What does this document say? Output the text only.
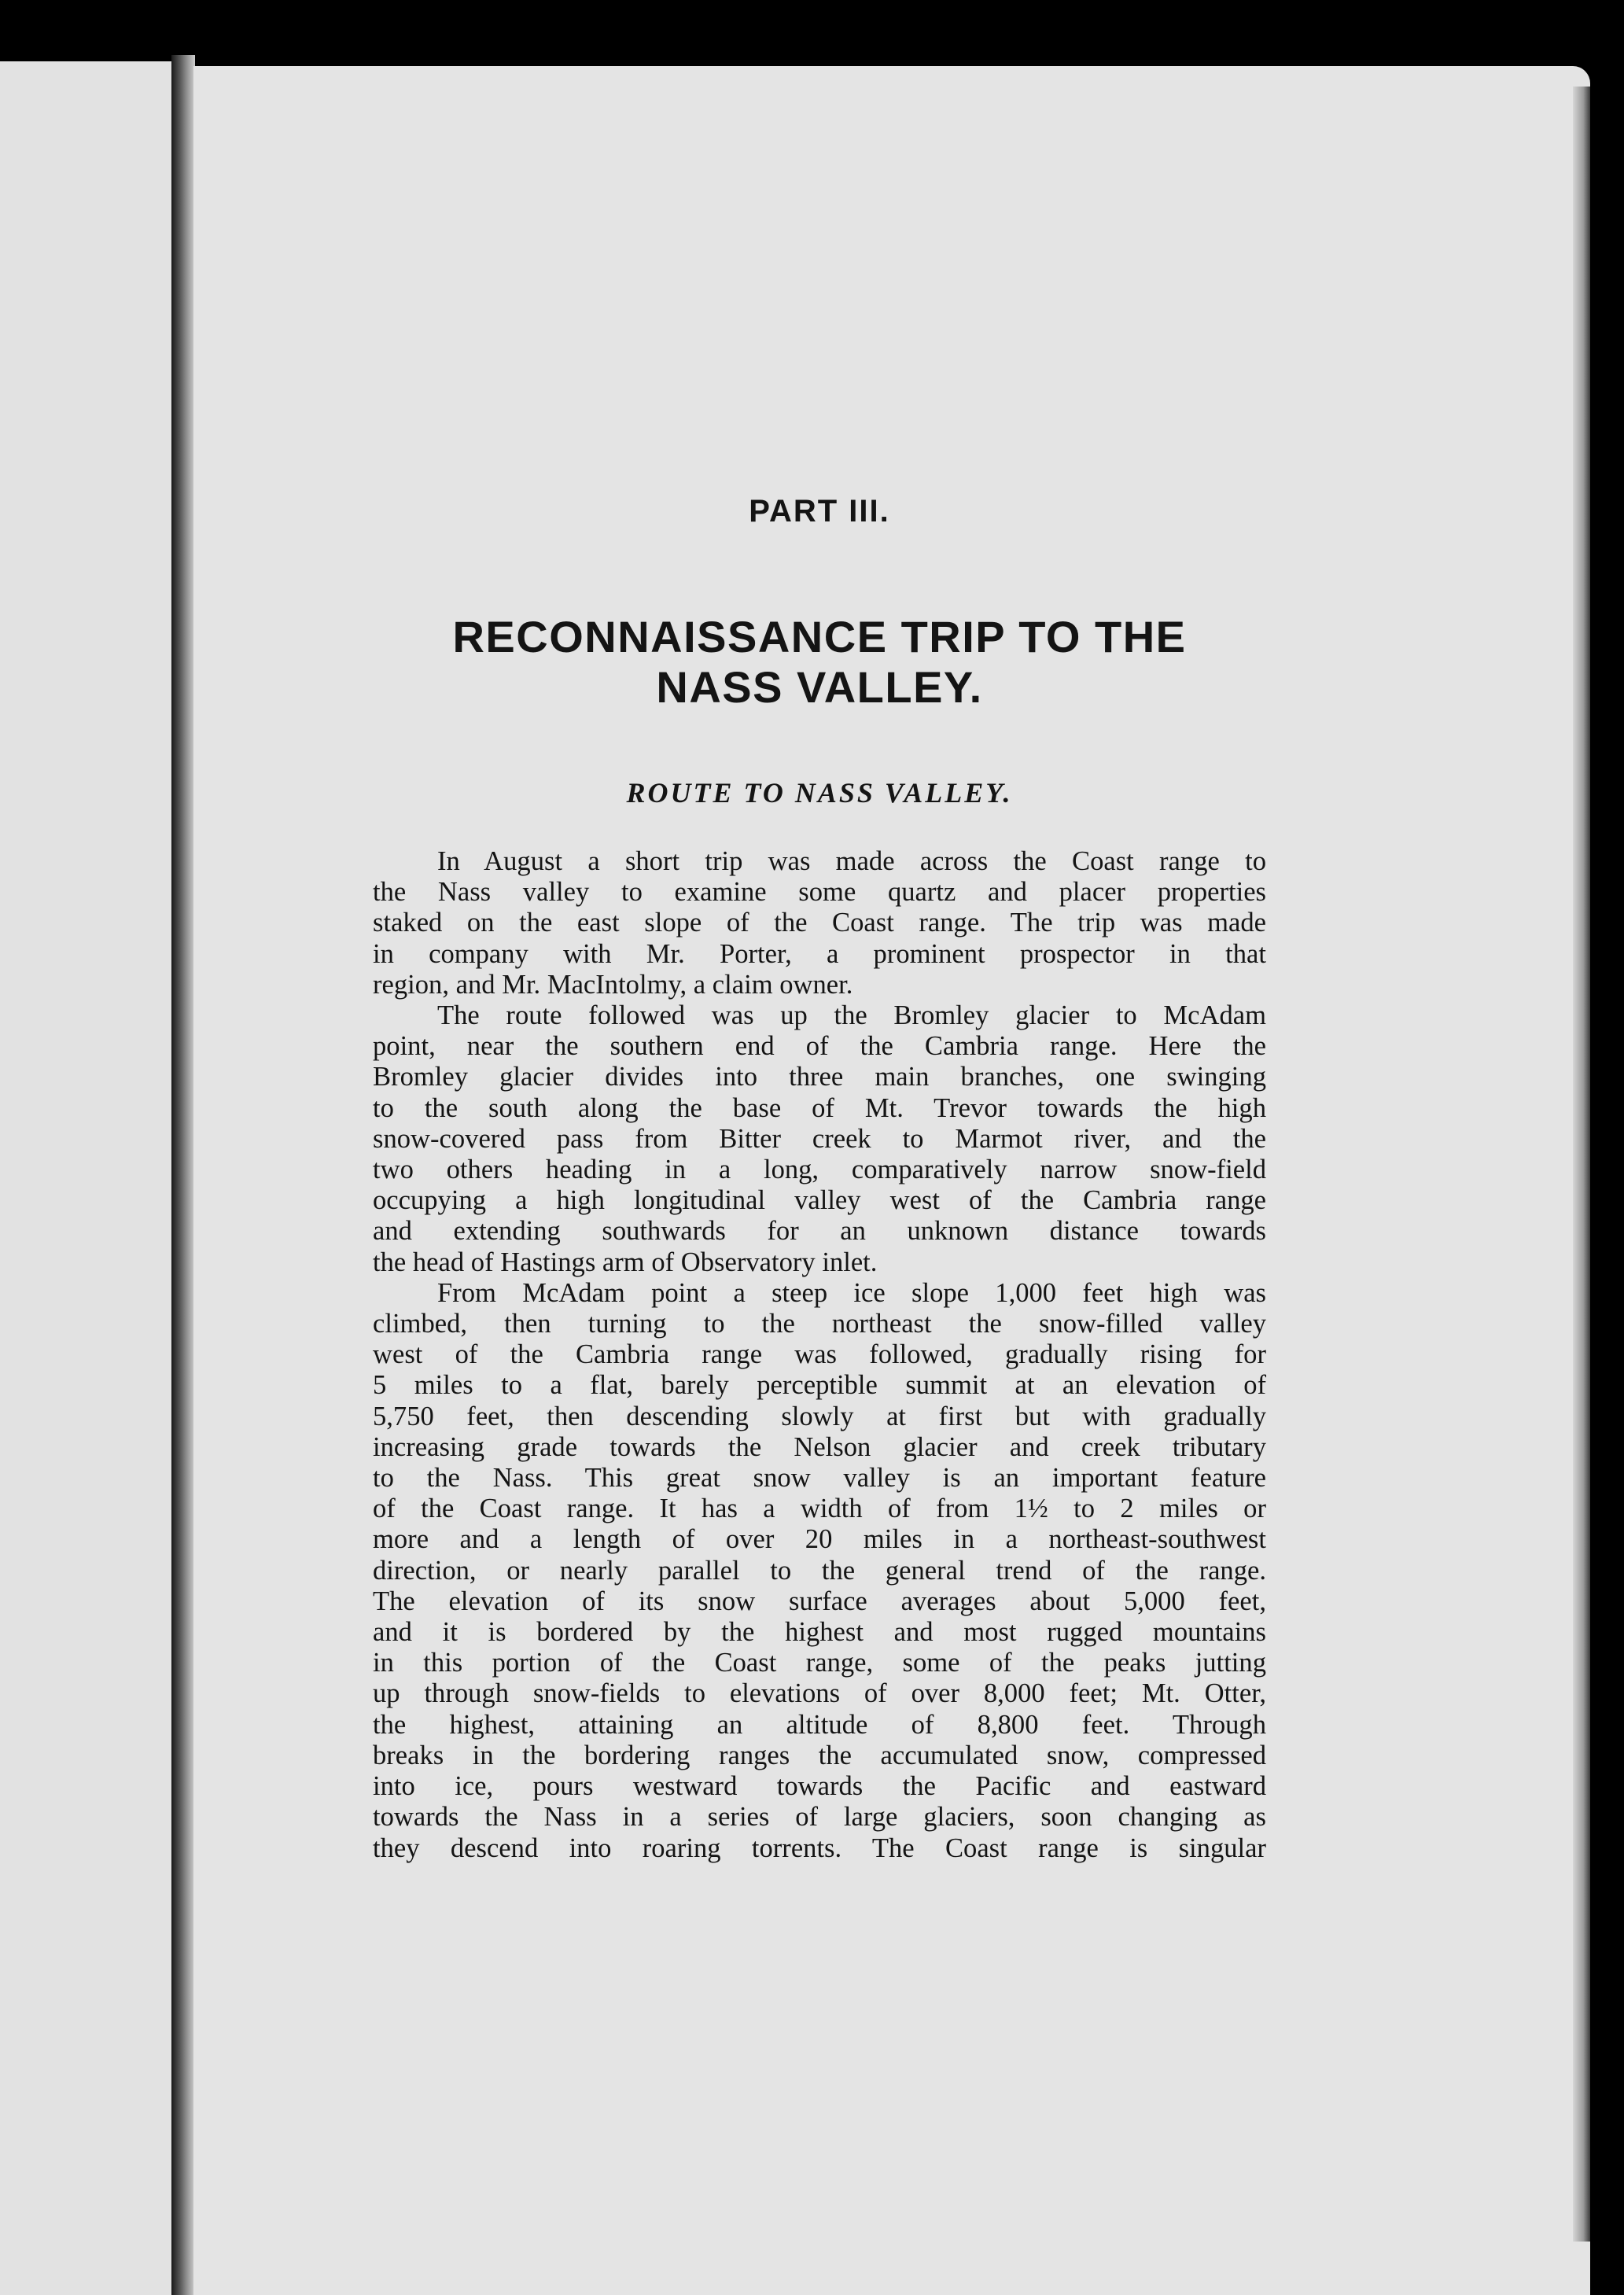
PART III.
RECONNAISSANCE TRIP TO THE
NASS VALLEY.
ROUTE TO NASS VALLEY.
In August a short trip was made across the Coast range to
the Nass valley to examine some quartz and placer properties
staked on the east slope of the Coast range. The trip was made
in company with Mr. Porter, a prominent prospector in that
region, and Mr. MacIntolmy, a claim owner.
The route followed was up the Bromley glacier to McAdam
point, near the southern end of the Cambria range. Here the
Bromley glacier divides into three main branches, one swinging
to the south along the base of Mt. Trevor towards the high
snow-covered pass from Bitter creek to Marmot river, and the
two others heading in a long, comparatively narrow snow-field
occupying a high longitudinal valley west of the Cambria range
and extending southwards for an unknown distance towards
the head of Hastings arm of Observatory inlet.
From McAdam point a steep ice slope 1,000 feet high was
climbed, then turning to the northeast the snow-filled valley
west of the Cambria range was followed, gradually rising for
5 miles to a flat, barely perceptible summit at an elevation of
5,750 feet, then descending slowly at first but with gradually
increasing grade towards the Nelson glacier and creek tributary
to the Nass. This great snow valley is an important feature
of the Coast range. It has a width of from 1½ to 2 miles or
more and a length of over 20 miles in a northeast-southwest
direction, or nearly parallel to the general trend of the range.
The elevation of its snow surface averages about 5,000 feet,
and it is bordered by the highest and most rugged mountains
in this portion of the Coast range, some of the peaks jutting
up through snow-fields to elevations of over 8,000 feet; Mt. Otter,
the highest, attaining an altitude of 8,800 feet. Through
breaks in the bordering ranges the accumulated snow, compressed
into ice, pours westward towards the Pacific and eastward
towards the Nass in a series of large glaciers, soon changing as
they descend into roaring torrents. The Coast range is singular
